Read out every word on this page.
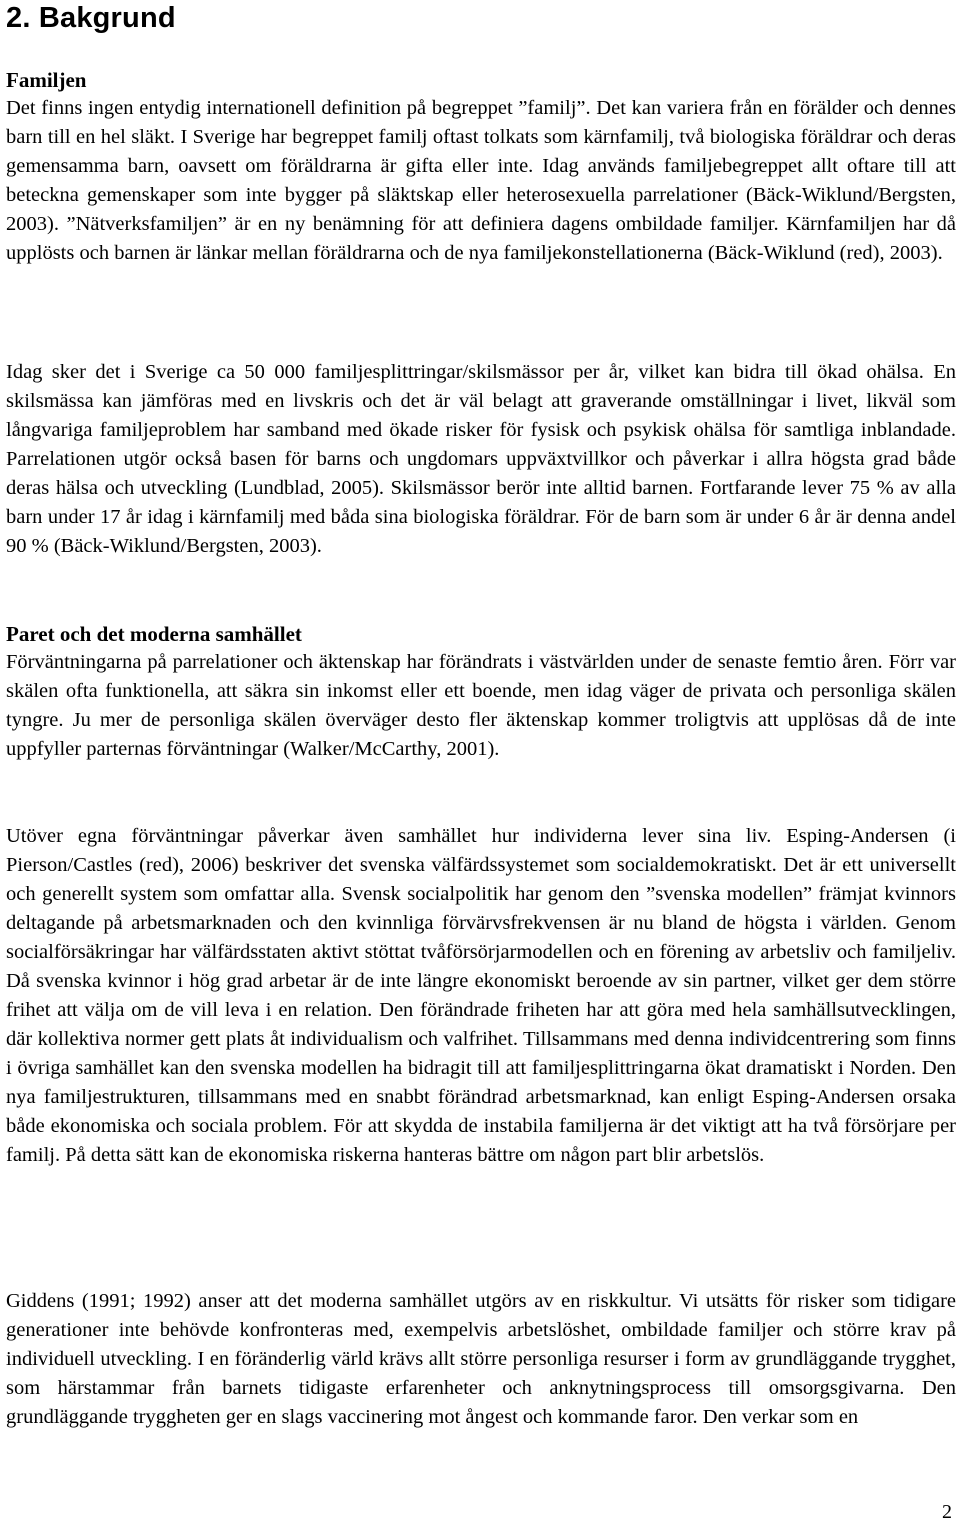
2. Bakgrund
Familjen

Det finns ingen entydig internationell definition på begreppet ”familj”. Det kan variera från en förälder och dennes barn till en hel släkt. I Sverige har begreppet familj oftast tolkats som kärnfamilj, två biologiska föräldrar och deras gemensamma barn, oavsett om föräldrarna är gifta eller inte. Idag används familjebegreppet allt oftare till att beteckna gemenskaper som inte bygger på släktskap eller heterosexuella parrelationer (Bäck-Wiklund/Bergsten, 2003). ”Nätverksfamiljen” är en ny benämning för att definiera dagens ombildade familjer. Kärnfamiljen har då upplösts och barnen är länkar mellan föräldrarna och de nya familjekonstellationerna (Bäck-Wiklund (red), 2003).

Idag sker det i Sverige ca 50 000 familjesplittringar/skilsmässor per år, vilket kan bidra till ökad ohälsa. En skilsmässa kan jämföras med en livskris och det är väl belagt att graverande omställningar i livet, likväl som långvariga familjeproblem har samband med ökade risker för fysisk och psykisk ohälsa för samtliga inblandade. Parrelationen utgör också basen för barns och ungdomars uppväxtvillkor och påverkar i allra högsta grad både deras hälsa och utveckling (Lundblad, 2005). Skilsmässor berör inte alltid barnen. Fortfarande lever 75 % av alla barn under 17 år idag i kärnfamilj med båda sina biologiska föräldrar. För de barn som är under 6 år är denna andel 90 % (Bäck-Wiklund/Bergsten, 2003).

Paret och det moderna samhället

Förväntningarna på parrelationer och äktenskap har förändrats i västvärlden under de senaste femtio åren. Förr var skälen ofta funktionella, att säkra sin inkomst eller ett boende, men idag väger de privata och personliga skälen tyngre. Ju mer de personliga skälen överväger desto fler äktenskap kommer troligtvis att upplösas då de inte uppfyller parternas förväntningar (Walker/McCarthy, 2001).

Utöver egna förväntningar påverkar även samhället hur individerna lever sina liv. Esping-Andersen (i Pierson/Castles (red), 2006) beskriver det svenska välfärdssystemet som socialdemokratiskt. Det är ett universellt och generellt system som omfattar alla. Svensk socialpolitik har genom den ”svenska modellen” främjat kvinnors deltagande på arbetsmarknaden och den kvinnliga förvärvsfrekvensen är nu bland de högsta i världen. Genom socialförsäkringar har välfärdsstaten aktivt stöttat tvåförsörjarmodellen och en förening av arbetsliv och familjeliv. Då svenska kvinnor i hög grad arbetar är de inte längre ekonomiskt beroende av sin partner, vilket ger dem större frihet att välja om de vill leva i en relation. Den förändrade friheten har att göra med hela samhällsutvecklingen, där kollektiva normer gett plats åt individualism och valfrihet. Tillsammans med denna individcentrering som finns i övriga samhället kan den svenska modellen ha bidragit till att familjesplittringarna ökat dramatiskt i Norden. Den nya familjestrukturen, tillsammans med en snabbt förändrad arbetsmarknad, kan enligt Esping-Andersen orsaka både ekonomiska och sociala problem. För att skydda de instabila familjerna är det viktigt att ha två försörjare per familj. På detta sätt kan de ekonomiska riskerna hanteras bättre om någon part blir arbetslös.

Giddens (1991; 1992) anser att det moderna samhället utgörs av en riskkultur. Vi utsätts för risker som tidigare generationer inte behövde konfronteras med, exempelvis arbetslöshet, ombildade familjer och större krav på individuell utveckling. I en föränderlig värld krävs allt större personliga resurser i form av grundläggande trygghet, som härstammar från barnets tidigaste erfarenheter och anknytningsprocess till omsorgsgivarna. Den grundläggande tryggheten ger en slags vaccinering mot ångest och kommande faror. Den verkar som en

2
